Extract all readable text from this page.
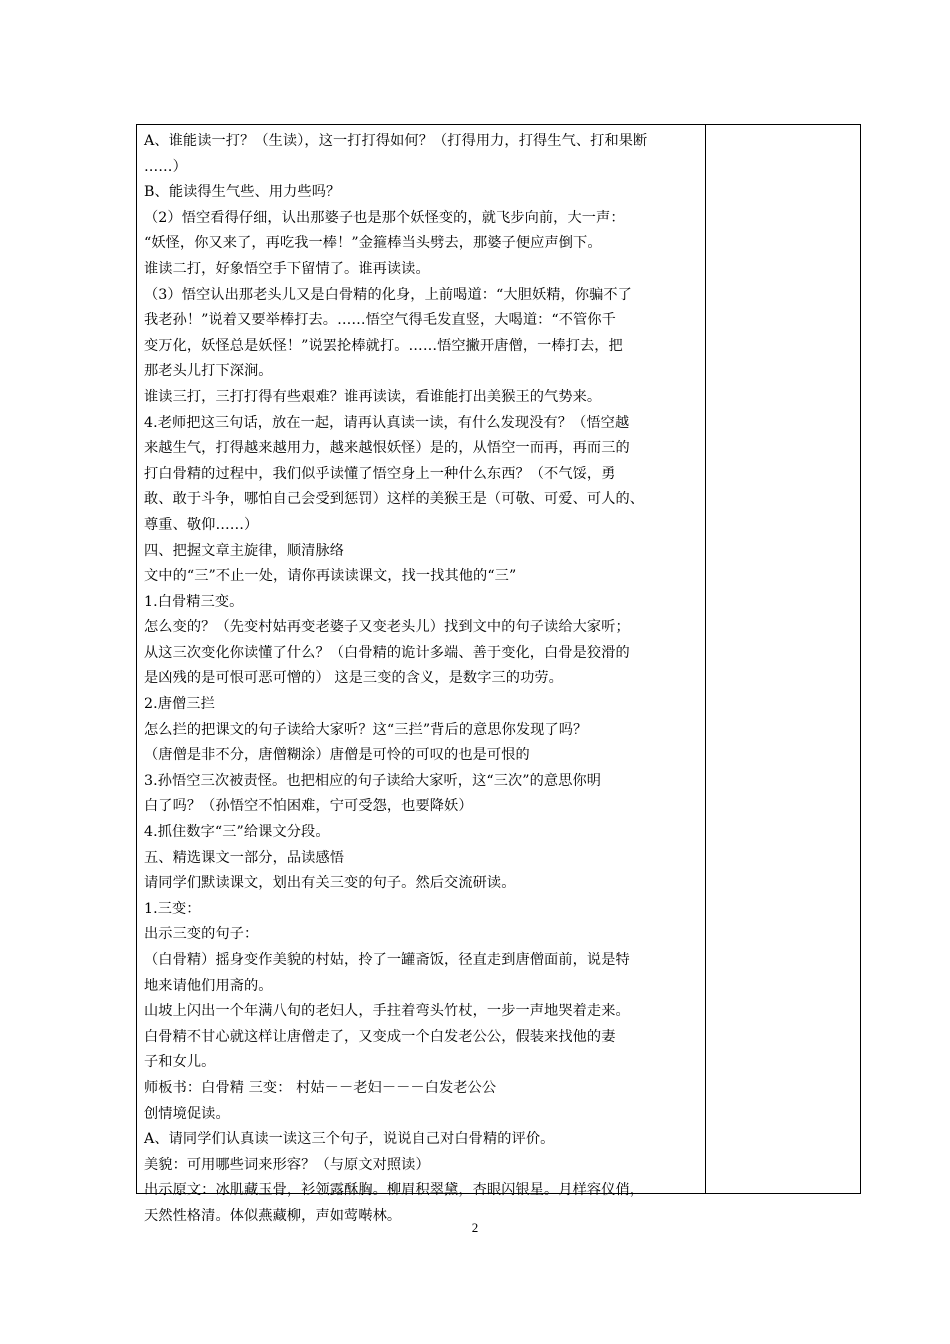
A、谁能读一打？（生读），这一打打得如何？（打得用力，打得生气、打和果断
……）
B、能读得生气些、用力些吗？
（2）悟空看得仔细，认出那婆子也是那个妖怪变的，就飞步向前，大一声：
“妖怪，你又来了，再吃我一棒！”金箍棒当头劈去，那婆子便应声倒下。
谁读二打，好象悟空手下留情了。谁再读读。
（3）悟空认出那老头儿又是白骨精的化身，上前喝道：“大胆妖精，你骗不了
我老孙！”说着又要举棒打去。……悟空气得毛发直竖，大喝道：“不管你千
变万化，妖怪总是妖怪！”说罢抡棒就打。……悟空撇开唐僧，一棒打去，把
那老头儿打下深涧。
谁读三打，三打打得有些艰难？谁再读读，看谁能打出美猴王的气势来。
4.老师把这三句话，放在一起，请再认真读一读，有什么发现没有？（悟空越
来越生气，打得越来越用力，越来越恨妖怪）是的，从悟空一而再，再而三的
打白骨精的过程中，我们似乎读懂了悟空身上一种什么东西？（不气馁，勇
敢、敢于斗争，哪怕自己会受到惩罚）这样的美猴王是（可敬、可爱、可人的、
尊重、敬仰……）
四、把握文章主旋律，顺清脉络
文中的“三”不止一处，请你再读读课文，找一找其他的“三”
1.白骨精三变。
怎么变的？（先变村姑再变老婆子又变老头儿）找到文中的句子读给大家听；
从这三次变化你读懂了什么？（白骨精的诡计多端、善于变化，白骨是狡滑的
是凶残的是可恨可恶可憎的） 这是三变的含义，是数字三的功劳。
2.唐僧三拦
怎么拦的把课文的句子读给大家听？这“三拦”背后的意思你发现了吗？
（唐僧是非不分，唐僧糊涂）唐僧是可怜的可叹的也是可恨的
3.孙悟空三次被责怪。也把相应的句子读给大家听，这“三次”的意思你明
白了吗？（孙悟空不怕困难，宁可受怨，也要降妖）
4.抓住数字“三”给课文分段。
五、精选课文一部分，品读感悟
请同学们默读课文，划出有关三变的句子。然后交流研读。
1.三变：
出示三变的句子：
（白骨精）摇身变作美貌的村姑，拎了一罐斋饭，径直走到唐僧面前，说是特
地来请他们用斋的。
山坡上闪出一个年满八旬的老妇人，手拄着弯头竹杖，一步一声地哭着走来。
白骨精不甘心就这样让唐僧走了，又变成一个白发老公公，假装来找他的妻
子和女儿。
师板书：白骨精 三变： 村姑－－老妇－－－白发老公公
创情境促读。
A、请同学们认真读一读这三个句子，说说自己对白骨精的评价。
美貌：可用哪些词来形容？（与原文对照读）
出示原文：冰肌藏玉骨，衫领露酥胸。柳眉积翠黛，杏眼闪银星。月样容仪俏，
天然性格清。体似燕藏柳，声如莺啭林。
2
